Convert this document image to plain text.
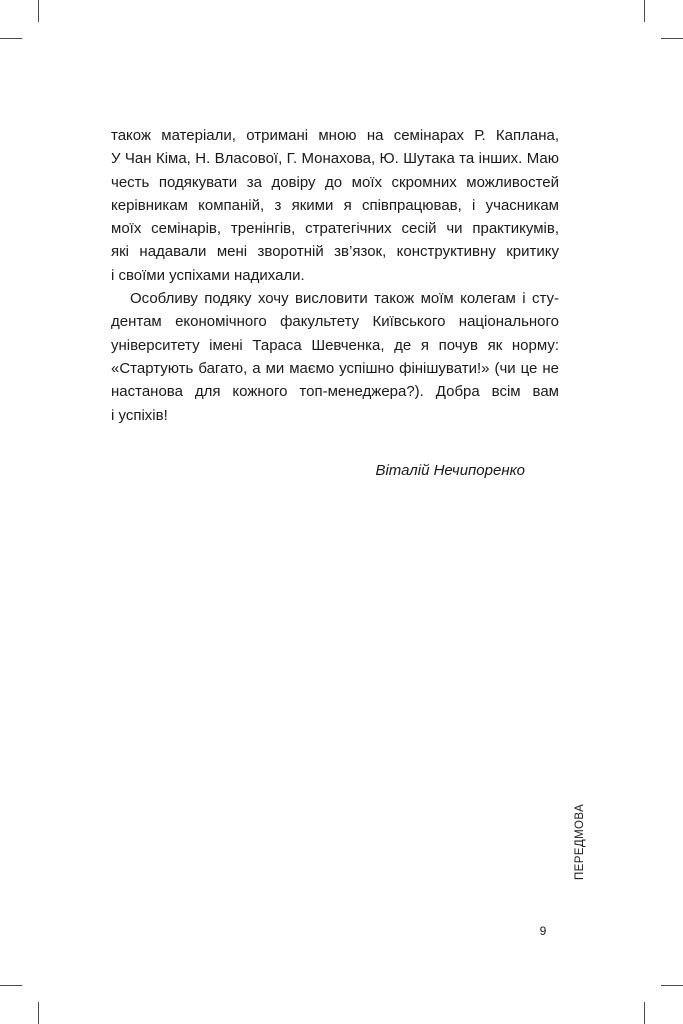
також матеріали, отримані мною на семінарах Р. Каплана,
У Чан Кіма, Н. Власової, Г. Монахова, Ю. Шутака та інших. Маю
честь подякувати за довіру до моїх скромних можливостей
керівникам компаній, з якими я співпрацював, і учасникам
моїх семінарів, тренінгів, стратегічних сесій чи практикумів,
які надавали мені зворотній зв’язок, конструктивну критику
і своїми успіхами надихали.
Особливу подяку хочу висловити також моїм колегам і сту-
дентам економічного факультету Київського національного
університету імені Тараса Шевченка, де я почув як норму:
«Стартують багато, а ми маємо успішно фінішувати!» (чи це не
настанова для кожного топ-менеджера?). Добра всім вам
і успіхів!
Віталій Нечипоренко
ПЕРЕДМОВА
9
